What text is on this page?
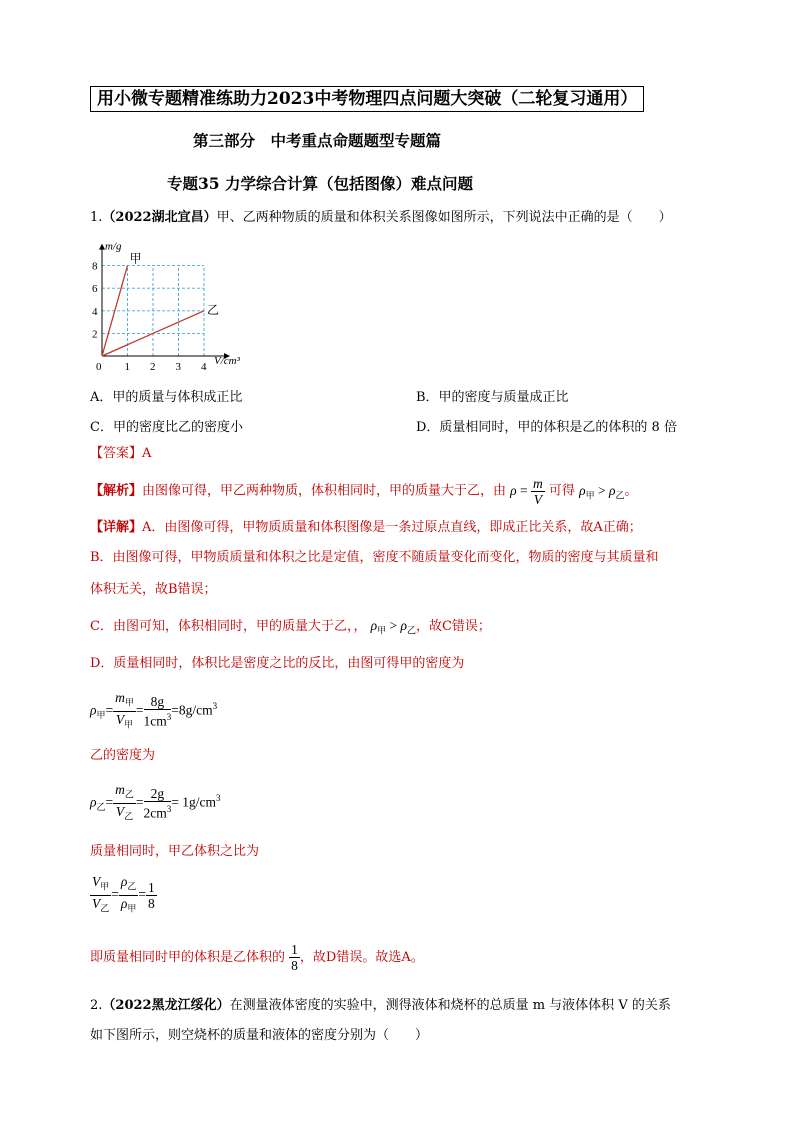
用小微专题精准练助力2023中考物理四点问题大突破（二轮复习通用）
第三部分　中考重点命题题型专题篇
专题35 力学综合计算（包括图像）难点问题
1.（2022湖北宜昌）甲、乙两种物质的质量和体积关系图像如图所示，下列说法中正确的是（　　）
甲
乙
0 1 2 3 4
2
4
6
8
V/cm³
m/g
A．甲的质量与体积成正比	B．甲的密度与质量成正比
C．甲的密度比乙的密度小	D．质量相同时，甲的体积是乙的体积的 8 倍
【答案】A
【解析】由图像可得，甲乙两种物质，体积相同时，甲的质量大于乙，由 $\rho = \frac{m}{V}$ 可得 $\rho_甲 > \rho_乙$。
【详解】A．由图像可得，甲物质质量和体积图像是一条过原点直线，即成正比关系，故A正确；
B．由图像可得，甲物质质量和体积之比是定值，密度不随质量变化而变化，物质的密度与其质量和
体积无关，故B错误；
C．由图可知，体积相同时，甲的质量大于乙，， $\rho_甲 > \rho_乙$，故C错误；
D．质量相同时，体积比是密度之比的反比，由图可得甲的密度为
$\rho_甲= \frac{m_甲}{V_甲} = \frac{8g}{1cm^3} =8g/cm^3$
乙的密度为
$\rho_乙= \frac{m_乙}{V_乙} = \frac{2g}{2cm^3} = 1g/cm^3$
质量相同时，甲乙体积之比为
$\frac{V_甲}{V_乙} = \frac{\rho_乙}{\rho_甲} = \frac{1}{8}$
即质量相同时甲的体积是乙体积的 $\frac{1}{8}$ ，故D错误。故选A。
2.（2022黑龙江绥化）在测量液体密度的实验中，测得液体和烧杯的总质量 m 与液体体积 V 的关系
如下图所示，则空烧杯的质量和液体的密度分别为（　　）
